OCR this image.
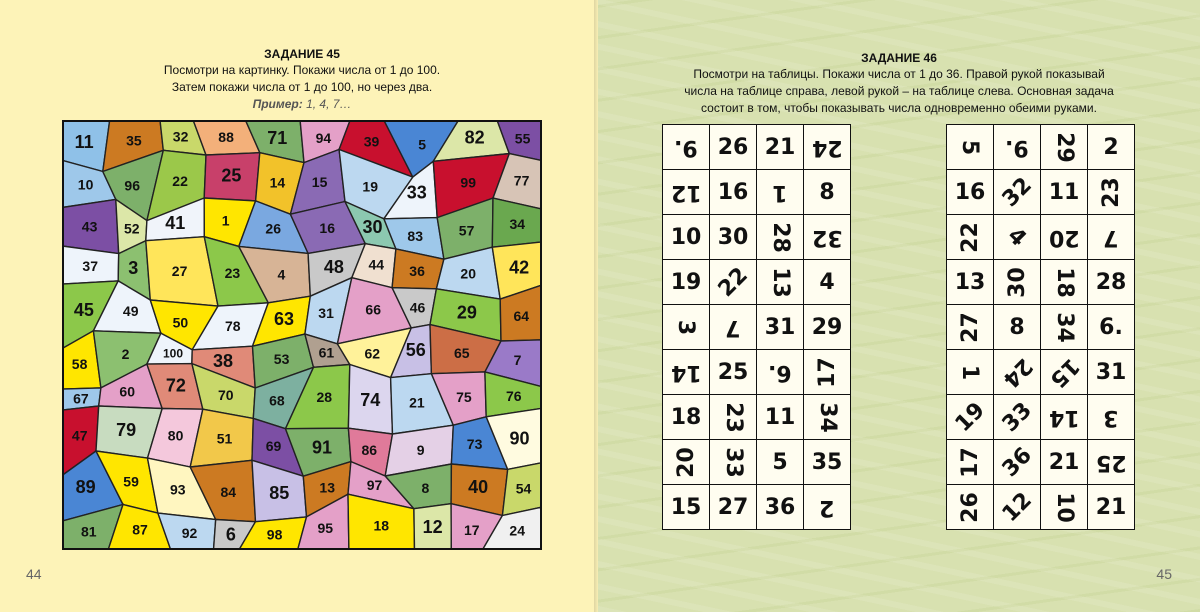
ЗАДАНИЕ 45
Посмотри на картинку. Покажи числа от 1 до 100.
Затем покажи числа от 1 до 100, но через два.
Пример: 1, 4, 7…
11 35 32 88 71 94 39	5 82 55
10 96 22 25 14 15	19 33
99	77
43 52 41	1
26	16 30 83	57	34
37 3 27	23	4 48 44 36	20 42
45 49
50	78 63 31 66 46 29	64
58
2	100 38	53 61 62 56 65	7
67 60 72 70	68 28 74 21 75 76
47 79 80 51 69 91 86	9	73 90
89 59 93 84 85 13 97	8 40 54
81	87 92 6 98	95	18 12 17 24
44
ЗАДАНИЕ 46
Посмотри на таблицы. Покажи числа от 1 до 36. Правой рукой показывай
числа на таблице справа, левой рукой – на таблице слева. Основная задача
состоит в том, чтобы показывать числа одновременно обеими руками.
45
9.	26	21	24
12	16	1	8
10	30	28	32
19	22	13	4
3	7	31	29
14	25	6.	17
18	23	11	34
20	33	5	35
15	27	36	2
5	9.	29	2
16	32	11	23
22	4	20	7
13	30	18	28
27	8	34	6.
1	24	15	31
19	33	14	3
17	36	21	25
26	12	10	21
